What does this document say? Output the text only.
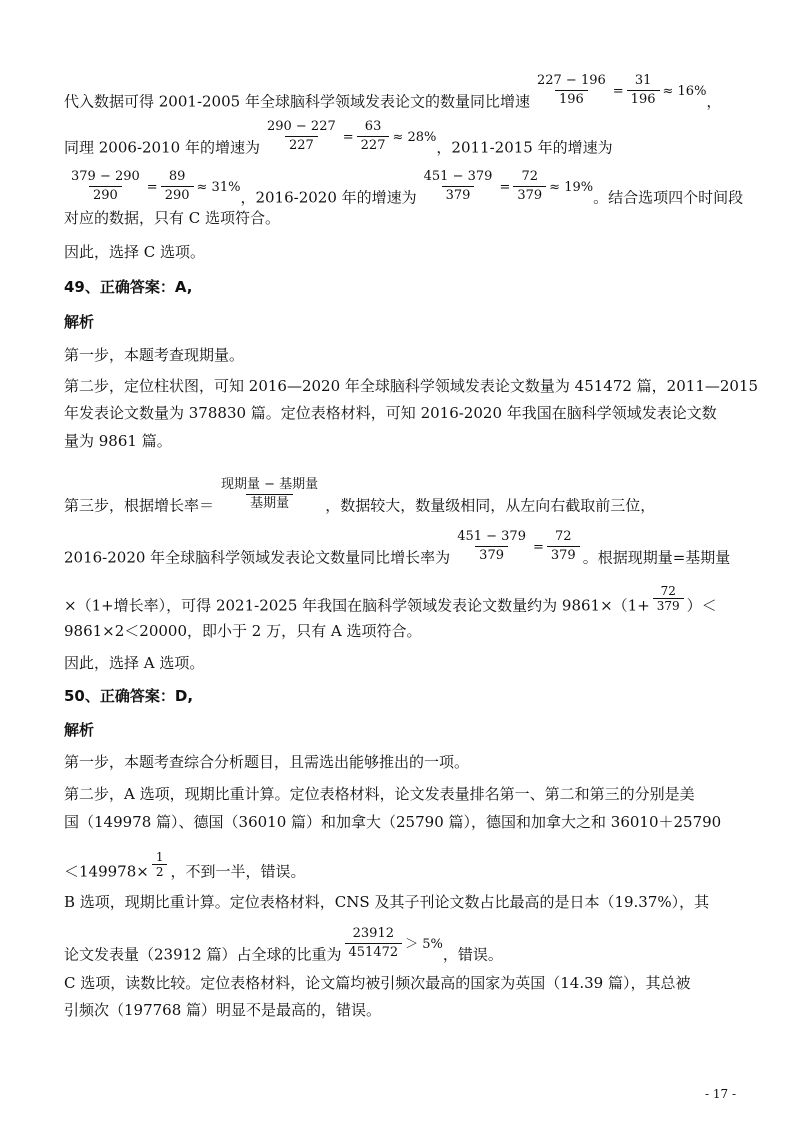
代入数据可得 2001-2005 年全球脑科学领域发表论文的数量同比增速 $\frac{227 - 196}{196} = \frac{31}{196} \approx 16\%$，
同理 2006-2010 年的增速为 $\frac{290 - 227}{227} = \frac{63}{227} \approx 28\%$，2011-2015 年的增速为
$\frac{379 - 290}{290} = \frac{89}{290} \approx 31\%$，2016-2020 年的增速为 $\frac{451 - 379}{379} = \frac{72}{379} \approx 19\%$。结合选项四个时间段
对应的数据，只有 C 选项符合。
因此，选择 C 选项。
49、正确答案：A,
解析
第一步，本题考查现期量。
第二步，定位柱状图，可知 2016—2020 年全球脑科学领域发表论文数量为 451472 篇，2011—2015
年发表论文数量为 378830 篇。定位表格材料，可知 2016-2020 年我国在脑科学领域发表论文数
量为 9861 篇。
第三步，根据增长率＝ $\frac{\text{现期量 − 基期量}}{\text{基期量}}$ ，数据较大，数量级相同，从左向右截取前三位，
2016-2020 年全球脑科学领域发表论文数量同比增长率为 $\frac{451 - 379}{379} = \frac{72}{379}$ 。根据现期量=基期量
×（1+增长率），可得 2021-2025 年我国在脑科学领域发表论文数量约为 $9861\times(1+ \frac{72}{379}$ ）＜
9861×2＜20000，即小于 2 万，只有 A 选项符合。
因此，选择 A 选项。
50、正确答案：D,
解析
第一步，本题考查综合分析题目，且需选出能够推出的一项。
第二步，A 选项，现期比重计算。定位表格材料，论文发表量排名第一、第二和第三的分别是美
国（149978 篇）、德国（36010 篇）和加拿大（25790 篇），德国和加拿大之和 36010＋25790
$<149978\times \frac{1}{2}$ ，不到一半，错误。
B 选项，现期比重计算。定位表格材料，CNS 及其子刊论文数占比最高的是日本（19.37%），其
论文发表量（23912 篇）占全球的比重为 $\frac{23912}{451472} > 5\%$，错误。
C 选项，读数比较。定位表格材料，论文篇均被引频次最高的国家为英国（14.39 篇），其总被
引频次（197768 篇）明显不是最高的，错误。
- 17 -
